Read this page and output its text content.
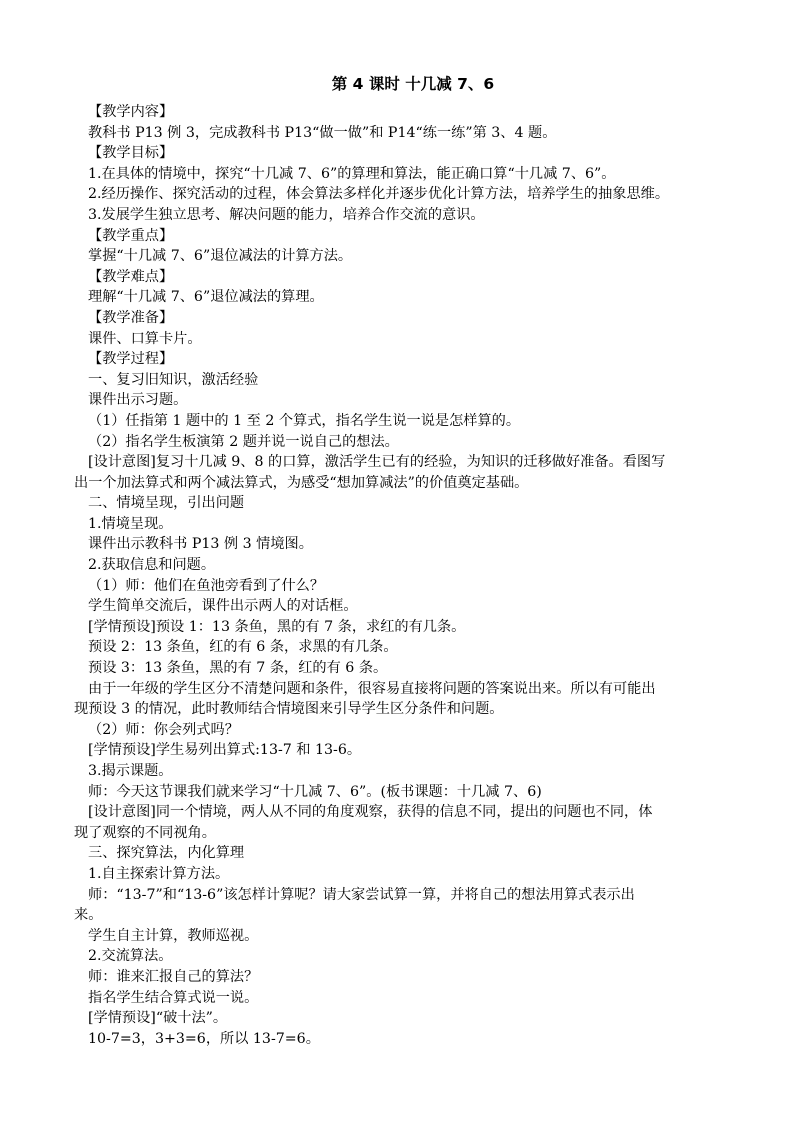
第 4 课时 十几减 7、6
【教学内容】
教科书 P13 例 3，完成教科书 P13“做一做”和 P14“练一练”第 3、4 题。
【教学目标】
1.在具体的情境中，探究“十几减 7、6”的算理和算法，能正确口算“十几减 7、6”。
2.经历操作、探究活动的过程，体会算法多样化并逐步优化计算方法，培养学生的抽象思维。
3.发展学生独立思考、解决问题的能力，培养合作交流的意识。
【教学重点】
掌握“十几减 7、6”退位减法的计算方法。
【教学难点】
理解“十几减 7、6”退位减法的算理。
【教学准备】
课件、口算卡片。
【教学过程】
一、复习旧知识，激活经验
课件出示习题。
（1）任指第 1 题中的 1 至 2 个算式，指名学生说一说是怎样算的。
（2）指名学生板演第 2 题并说一说自己的想法。
[设计意图]复习十几减 9、8 的口算，激活学生已有的经验，为知识的迁移做好准备。看图写
出一个加法算式和两个减法算式，为感受“想加算减法”的价值奠定基础。
二、情境呈现，引出问题
1.情境呈现。
课件出示教科书 P13 例 3 情境图。
2.获取信息和问题。
（1）师：他们在鱼池旁看到了什么？
学生简单交流后，课件出示两人的对话框。
[学情预设]预设 1：13 条鱼，黑的有 7 条，求红的有几条。
预设 2：13 条鱼，红的有 6 条，求黑的有几条。
预设 3：13 条鱼，黑的有 7 条，红的有 6 条。
由于一年级的学生区分不清楚问题和条件，很容易直接将问题的答案说出来。所以有可能出
现预设 3 的情况，此时教师结合情境图来引导学生区分条件和问题。
（2）师：你会列式吗？
[学情预设]学生易列出算式:13-7 和 13-6。
3.揭示课题。
师：今天这节课我们就来学习“十几减 7、6”。(板书课题：十几减 7、6)
[设计意图]同一个情境，两人从不同的角度观察，获得的信息不同，提出的问题也不同，体
现了观察的不同视角。
三、探究算法，内化算理
1.自主探索计算方法。
师：“13-7”和“13-6”该怎样计算呢？请大家尝试算一算，并将自己的想法用算式表示出
来。
学生自主计算，教师巡视。
2.交流算法。
师：谁来汇报自己的算法？
指名学生结合算式说一说。
[学情预设]“破十法”。
10-7=3，3+3=6，所以 13-7=6。
